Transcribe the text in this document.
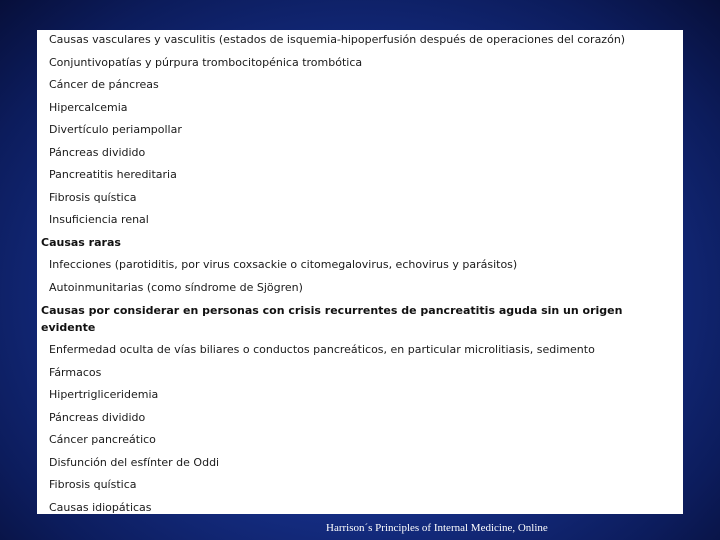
Causas vasculares y vasculitis (estados de isquemia-hipoperfusión después de operaciones del corazón)
Conjuntivopatías y púrpura trombocitopénica trombótica
Cáncer de páncreas
Hipercalcemia
Divertículo periampollar
Páncreas dividido
Pancreatitis hereditaria
Fibrosis quística
Insuficiencia renal
Causas raras
Infecciones (parotiditis, por virus coxsackie o citomegalovirus, echovirus y parásitos)
Autoinmunitarias (como síndrome de Sjögren)
Causas por considerar en personas con crisis recurrentes de pancreatitis aguda sin un origen evidente
Enfermedad oculta de vías biliares o conductos pancreáticos, en particular microlitiasis, sedimento
Fármacos
Hipertrigliceridemia
Páncreas dividido
Cáncer pancreático
Disfunción del esfínter de Oddi
Fibrosis quística
Causas idiopáticas
Harrison´s Principles of Internal Medicine, Online
